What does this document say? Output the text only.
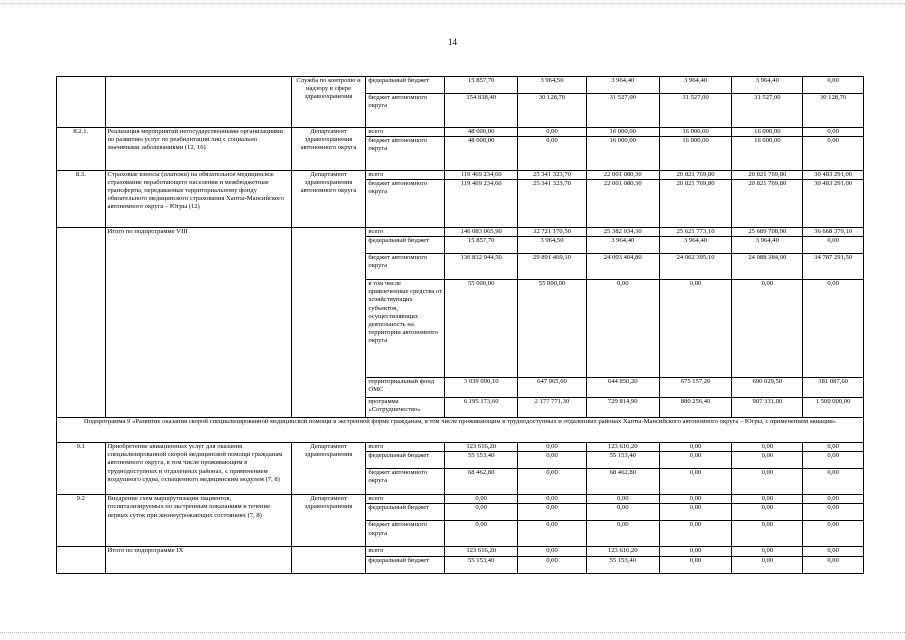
14
		Служба по контролю и надзору в сфере здравоохранения	федеральный бюджет	15 857,70	3 964,50	3 964,40	3 964,40	3 964,40	0,00
			бюджет автономного округа	154 838,40	30 128,70	31 527,00	31 527,00	31 527,00	30 128,70
8.2.1.	Реализация мероприятий негосударственными организациями по развитию услуг по реабилитации лиц с социально значимыми заболеваниями (12, 16)	Департамент здравоохранения автономного округа	всего	48 000,00	0,00	16 000,00	16 000,00	16 000,00	0,00
			бюджет автономного округа	48 000,00	0,00	16 000,00	16 000,00	16 000,00	0,00
8.3.	Страховые взносы (платежи) на обязательное медицинское страхование неработающего населения и межбюджетные трансферты, передаваемые территориальному фонду обязательного медицинского страхования Ханты-Мансийского автономного округа – Югры (12)	Департамент здравоохранения автономного округа	всего	119 469 234,60	25 341 323,70	22 001 080,30	20 821 769,80	20 821 769,80	30 483 291,00
			бюджет автономного округа	119 469 234,60	25 341 323,70	22 001 080,30	20 821 769,80	20 821 769,80	30 483 291,00
	Итого по подпрограмме VIII		всего	146 083 065,90	32 721 170,50	25 382 034,30	25 621 773,10	25 689 708,90	36 668 379,10
			федеральный бюджет	15 857,70	3 964,50	3 964,40	3 964,40	3 964,40	0,00
			бюджет автономного округа	136 832 944,50	29 891 469,10	24 003 404,80	24 062 395,10	24 088 384,00	34 787 291,50
			в том числе привлеченные средства от хозяйствующих субъектов, осуществляющих деятельность на территории автономного округа	55 000,00	55 000,00	0,00	0,00	0,00	0,00
			территориальный фонд ОМС	3 039 090,10	647 965,60	644 850,20	675 157,20	690 029,50	381 087,60
			программа «Сотрудничество»	6 195 173,60	2 177 771,30	729 814,90	880 256,40	907 331,00	1 500 000,00
Подпрограмма 9 «Развитие оказания скорой специализированной медицинской помощи в экстренной форме гражданам, в том числе проживающим в труднодоступных и отдаленных районах Ханты-Мансийского автономного округа – Югры, с применением авиации»									
9.1	Приобретение авиационных услуг для оказания специализированной скорой медицинской помощи гражданам автономного округа, в том числе проживающим в труднодоступных и отдаленных районах, с применением воздушного судна, оснащенного медицинским модулем (7, 8)	Департамент здравоохранения	всего	123 616,20	0,00	123 616,20	0,00	0,00	0,00
			федеральный бюджет	55 153,40	0,00	55 153,40	0,00	0,00	0,00
			бюджет автономного округа	68 462,80	0,00	68 462,80	0,00	0,00	0,00
9.2	Внедрение схем маршрутизации пациентов, госпитализируемых по экстренным показаниям в течение первых суток при жизнеугрожающих состояниях (7, 8)	Департамент здравоохранения	всего	0,00	0,00	0,00	0,00	0,00	0,00
			федеральный бюджет	0,00	0,00	0,00	0,00	0,00	0,00
			бюджет автономного округа	0,00	0,00	0,00	0,00	0,00	0,00
	Итого по подпрограмме IX		всего	123 616,20	0,00	123 616,20	0,00	0,00	0,00
			федеральный бюджет	55 153,40	0,00	55 153,40	0,00	0,00	0,00
